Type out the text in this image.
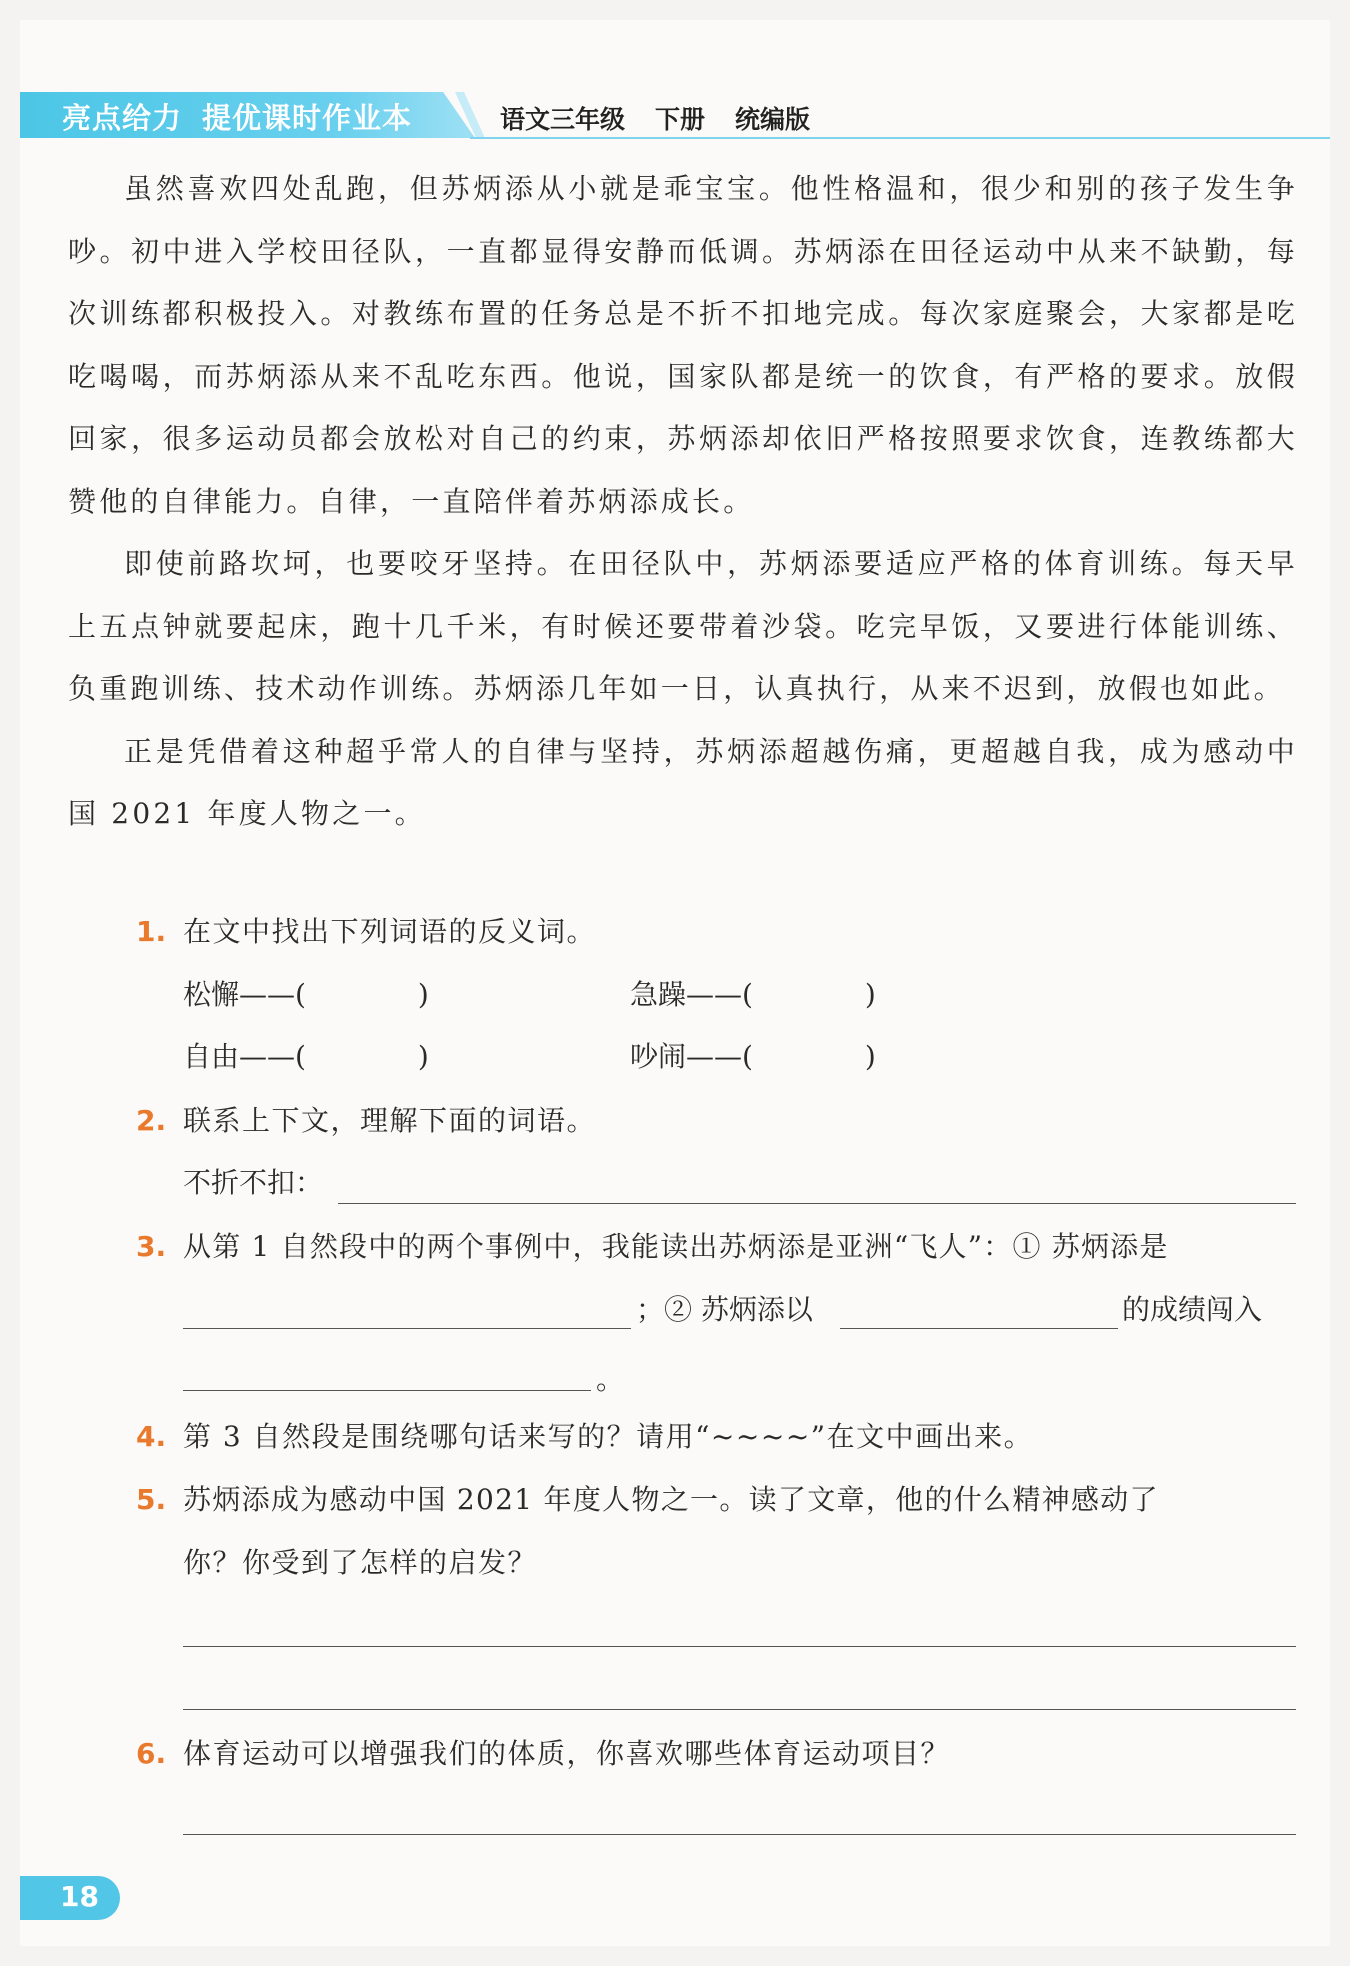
亮点给力 提优课时作业本	语文三年级 下册 统编版

虽然喜欢四处乱跑，但苏炳添从小就是乖宝宝。他性格温和，很少和别的孩子发生争吵。初中进入学校田径队，一直都显得安静而低调。苏炳添在田径运动中从来不缺勤，每次训练都积极投入。对教练布置的任务总是不折不扣地完成。每次家庭聚会，大家都是吃吃喝喝，而苏炳添从来不乱吃东西。他说，国家队都是统一的饮食，有严格的要求。放假回家，很多运动员都会放松对自己的约束，苏炳添却依旧严格按照要求饮食，连教练都大赞他的自律能力。自律，一直陪伴着苏炳添成长。

即使前路坎坷，也要咬牙坚持。在田径队中，苏炳添要适应严格的体育训练。每天早上五点钟就要起床，跑十几千米，有时候还要带着沙袋。吃完早饭，又要进行体能训练、负重跑训练、技术动作训练。苏炳添几年如一日，认真执行，从来不迟到，放假也如此。

正是凭借着这种超乎常人的自律与坚持，苏炳添超越伤痛，更超越自我，成为感动中国 2021 年度人物之一。

1. 在文中找出下列词语的反义词。
松懈——(　　　　)	急躁——(　　　　)
自由——(　　　　)	吵闹——(　　　　)
2. 联系上下文，理解下面的词语。
不折不扣：
3. 从第 1 自然段中的两个事例中，我能读出苏炳添是亚洲“飞人”：① 苏炳添是
；② 苏炳添以	的成绩闯入
。
4. 第 3 自然段是围绕哪句话来写的？请用“~~~~”在文中画出来。
5. 苏炳添成为感动中国 2021 年度人物之一。读了文章，他的什么精神感动了
你？你受到了怎样的启发？
6. 体育运动可以增强我们的体质，你喜欢哪些体育运动项目？
18
